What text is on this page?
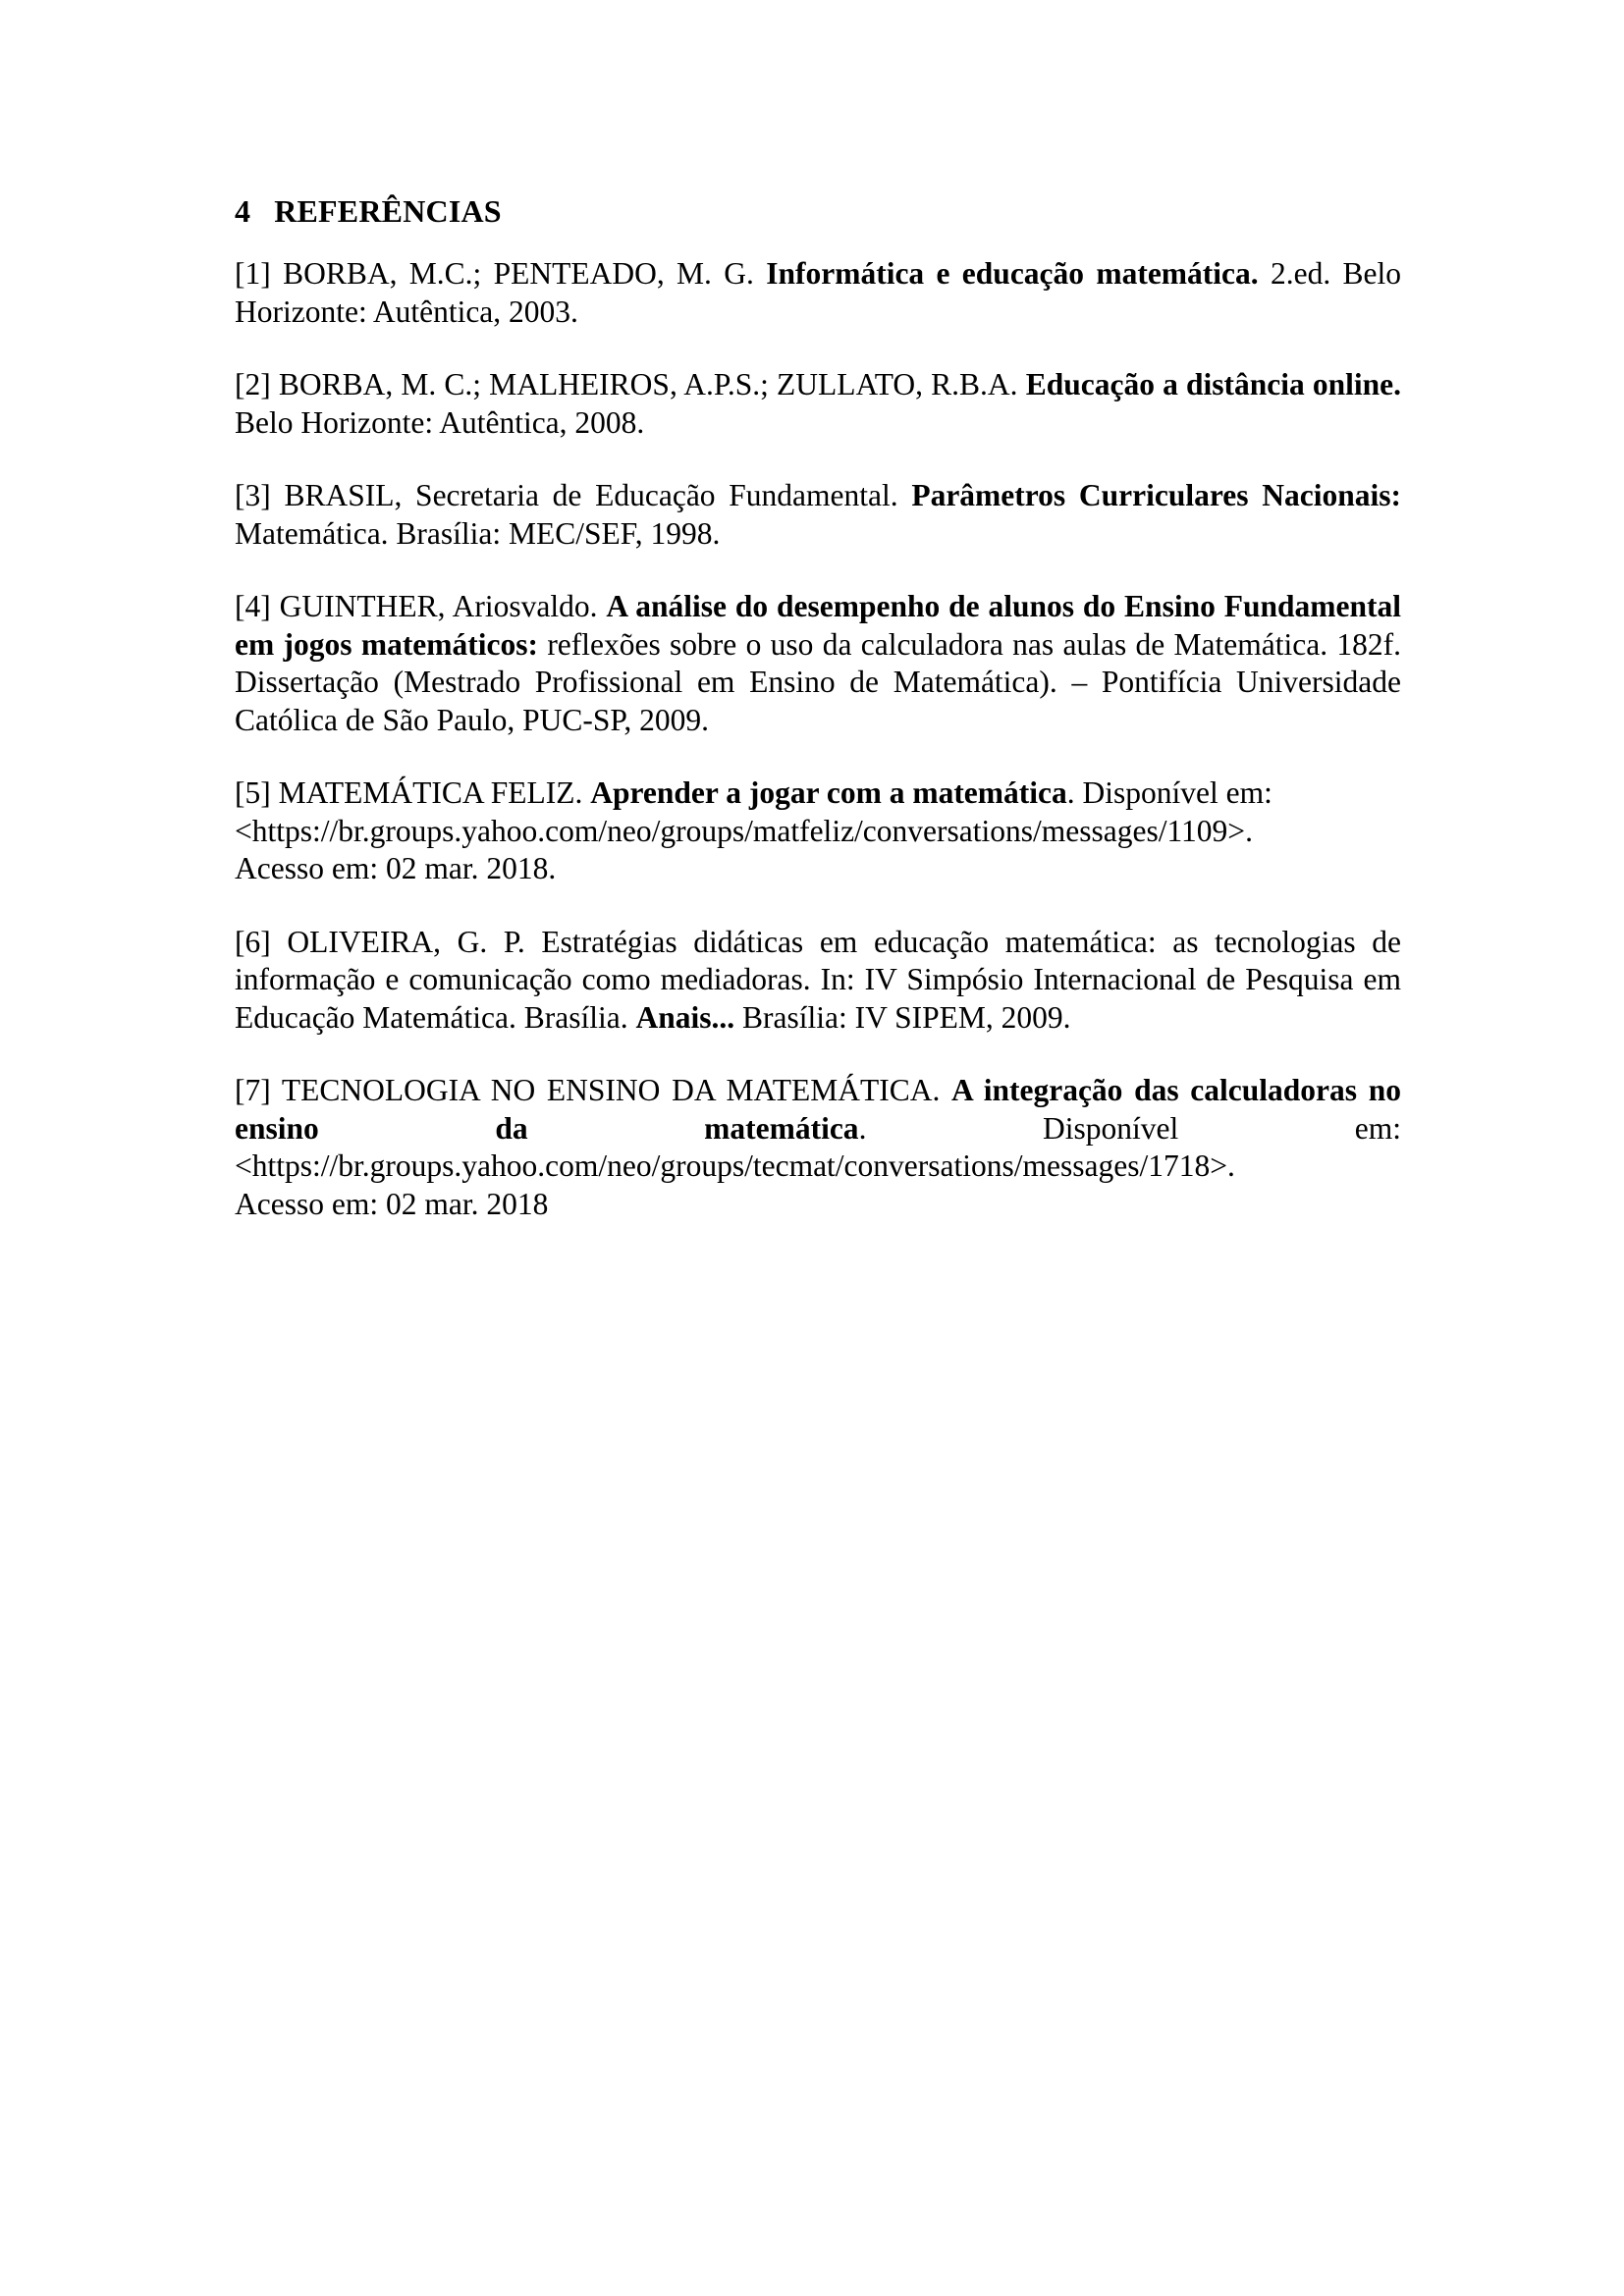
4 REFERÊNCIAS
[1] BORBA, M.C.; PENTEADO, M. G. Informática e educação matemática. 2.ed. Belo Horizonte: Autêntica, 2003.
[2] BORBA, M. C.; MALHEIROS, A.P.S.; ZULLATO, R.B.A. Educação a distância online. Belo Horizonte: Autêntica, 2008.
[3] BRASIL, Secretaria de Educação Fundamental. Parâmetros Curriculares Nacionais: Matemática. Brasília: MEC/SEF, 1998.
[4] GUINTHER, Ariosvaldo. A análise do desempenho de alunos do Ensino Fundamental em jogos matemáticos: reflexões sobre o uso da calculadora nas aulas de Matemática. 182f. Dissertação (Mestrado Profissional em Ensino de Matemática). – Pontifícia Universidade Católica de São Paulo, PUC-SP, 2009.
[5] MATEMÁTICA FELIZ. Aprender a jogar com a matemática. Disponível em:
<https://br.groups.yahoo.com/neo/groups/matfeliz/conversations/messages/1109>.
Acesso em: 02 mar. 2018.
[6] OLIVEIRA, G. P. Estratégias didáticas em educação matemática: as tecnologias de informação e comunicação como mediadoras. In: IV Simpósio Internacional de Pesquisa em Educação Matemática. Brasília. Anais... Brasília: IV SIPEM, 2009.
[7] TECNOLOGIA NO ENSINO DA MATEMÁTICA. A integração das calculadoras no ensino da matemática. Disponível em:
<https://br.groups.yahoo.com/neo/groups/tecmat/conversations/messages/1718>.
Acesso em: 02 mar. 2018
